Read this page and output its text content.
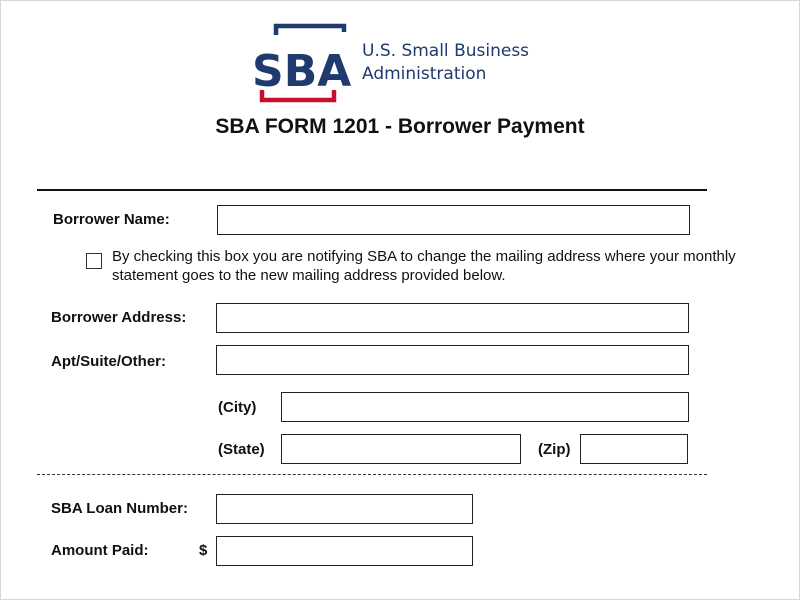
SBA U.S. Small Business
Administration
SBA FORM 1201 - Borrower Payment
Borrower Name:
By checking this box you are notifying SBA to change the mailing address where your monthly statement goes to the new mailing address provided below.
Borrower Address:
Apt/Suite/Other:
(City)
(State)	(Zip)
SBA Loan Number:
Amount Paid:	$
